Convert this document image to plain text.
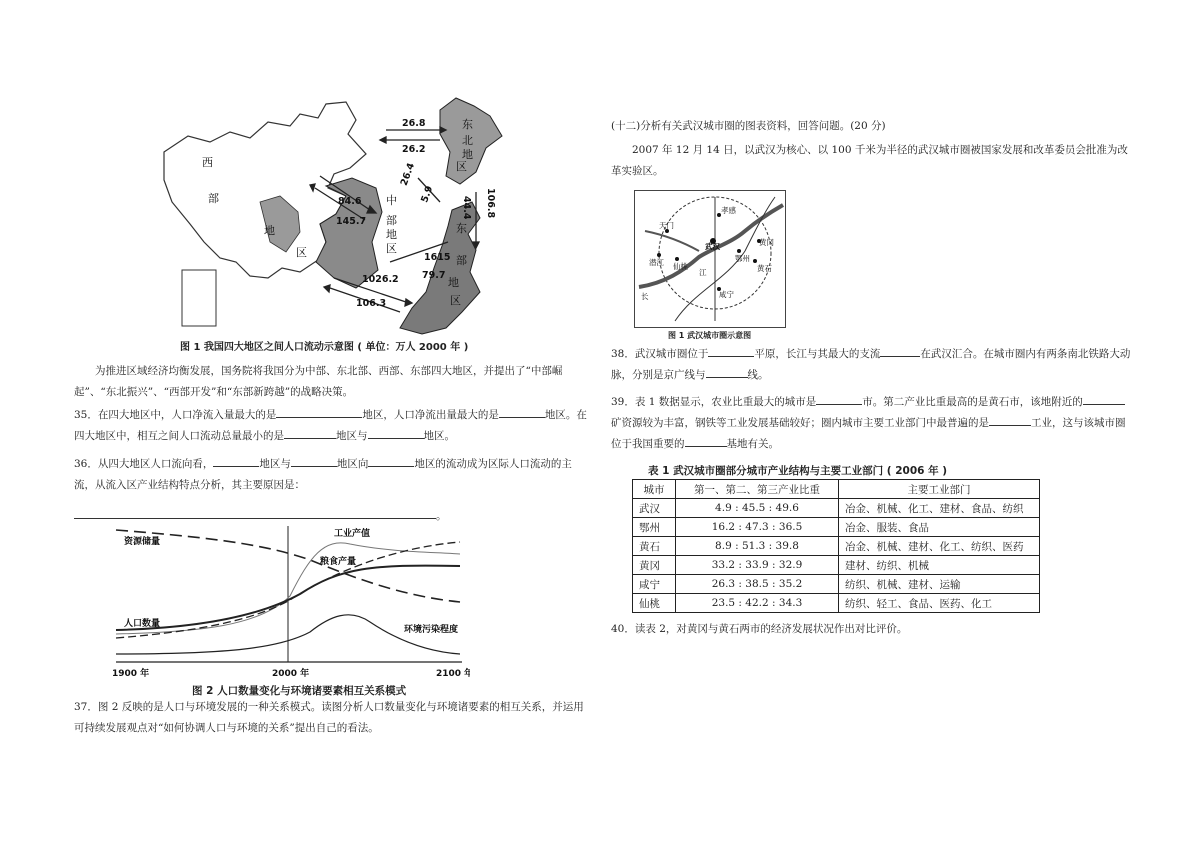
西
部
地
区
中
部
地
区
东
北
地
区
东
部
地
区
26.8
26.2
84.6
145.7
26.4
5.9	106.8
44.4
1615
79.7
1026.2
106.3
图 1 我国四大地区之间人口流动示意图 ( 单位：万人 2000 年 )

为推进区域经济均衡发展，国务院将我国分为中部、东北部、西部、东部四大地区，并提出了“中部崛起”、“东北振兴”、“西部开发”和“东部新跨越”的战略决策。

35．在四大地区中，人口净流入量最大的是	地区，人口净流出量最大的是	地区。在四大地区中，相互之间人口流动总量最小的是	地区与	地区。

36．从四大地区人口流向看，	地区与	地区向	地区的流动成为区际人口流动的主流，从流入区产业结构特点分析，其主要原因是：

。

资源储量
工业产值
粮食产量
人口数量
环境污染程度
1900 年	2000 年	2100 年
图 2 人口数量变化与环境诸要素相互关系模式

37．图 2 反映的是人口与环境发展的一种关系模式。读图分析人口数量变化与环境诸要素的相互关系，并运用可持续发展观点对“如何协调人口与环境的关系”提出自己的看法。

(十二)分析有关武汉城市圈的图表资料，回答问题。(20 分)

2007 年 12 月 14 日，以武汉为核心、以 100 千米为半径的武汉城市圈被国家发展和改革委员会批准为改革实验区。

天门
孝感
武汉
潜江 仙桃
鄂州
黄冈
黄石
咸宁
长
江
图 1 武汉城市圈示意图

38．武汉城市圈位于	平原，长江与其最大的支流	在武汉汇合。在城市圈内有两条南北铁路大动脉，分别是京广线与	线。

39．表 1 数据显示，农业比重最大的城市是	市。第二产业比重最高的是黄石市，该地附近的矿资源较为丰富，钢铁等工业发展基础较好；圈内城市主要工业部门中最普遍的是	工业，这与该城市圈位于我国重要的	基地有关。

表 1 武汉城市圈部分城市产业结构与主要工业部门 ( 2006 年 )
城市	第一、第二、第三产业比重	主要工业部门
武汉	4.9 : 45.5 : 49.6	冶金、机械、化工、建材、食品、纺织
鄂州	16.2 : 47.3 : 36.5	冶金、服装、食品
黄石	8.9 : 51.3 : 39.8	冶金、机械、建材、化工、纺织、医药
黄冈	33.2 : 33.9 : 32.9	建材、纺织、机械
咸宁	26.3 : 38.5 : 35.2	纺织、机械、建材、运输
仙桃	23.5 : 42.2 : 34.3	纺织、轻工、食品、医药、化工

40．读表 2，对黄冈与黄石两市的经济发展状况作出对比评价。
